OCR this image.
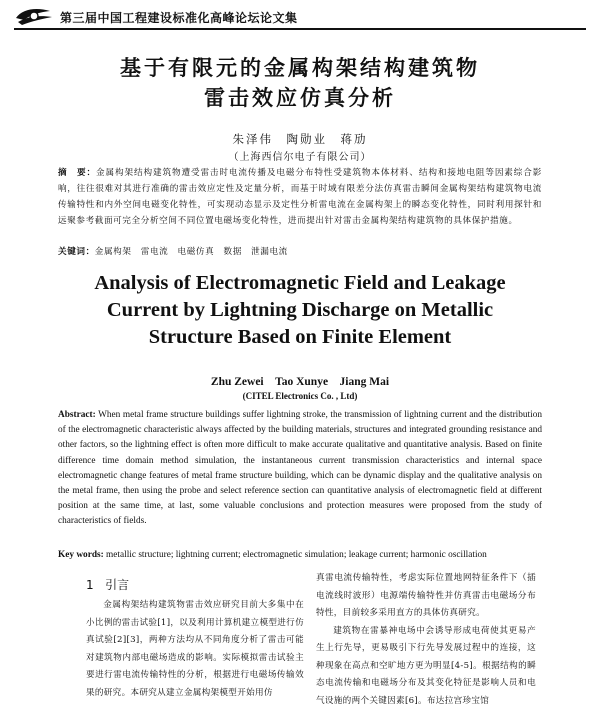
第三届中国工程建设标准化高峰论坛论文集
基于有限元的金属构架结构建筑物
雷击效应仿真分析
朱泽伟　陶勋业　蒋劢
（上海西信尔电子有限公司）
摘　要：金属构架结构建筑物遭受雷击时电流传播及电磁分布特性受建筑物本体材料、结构和接地电阻等因素综合影响，往往很难对其进行准确的雷击效应定性及定量分析，而基于时域有限差分法仿真雷击瞬间金属构架结构建筑物电流传输特性和内外空间电磁变化特性，可实现动态显示及定性分析雷电流在金属构架上的瞬态变化特性，同时利用探针和远聚参考截面可完全分析空间不同位置电磁场变化特性，进而提出针对雷击金属构架结构建筑物的具体保护措施。
关键词：金属构架　雷电流　电磁仿真　数据　泄漏电流
Analysis of Electromagnetic Field and Leakage
Current by Lightning Discharge on Metallic
Structure Based on Finite Element
Zhu Zewei　Tao Xunye　Jiang Mai
(CITEL Electronics Co. , Ltd)
Abstract: When metal frame structure buildings suffer lightning stroke, the transmission of lightning current and the distribution of the electromagnetic characteristic always affected by the building materials, structures and integrated grounding resistance and other factors, so the lightning effect is often more difficult to make accurate qualitative and quantitative analysis. Based on finite difference time domain method simulation, the instantaneous current transmission characteristics and internal space electromagnetic change features of metal frame structure building, which can be dynamic display and the qualitative analysis on the metal frame, then using the probe and select reference section can quantitative analysis of electromagnetic field at different position at the same time, at last, some valuable conclusions and protection measures were proposed from the study of characteristics of fields.
Key words: metallic structure; lightning current; electromagnetic simulation; leakage current; harmonic oscillation
1 引言

金属构架结构建筑物雷击效应研究目前大多集中在小比例的雷击试验[1]，以及利用计算机建立模型进行仿真试验[2][3]，两种方法均从不同角度分析了雷击可能对建筑物内部电磁场造成的影响。实际模拟雷击试验主要进行雷电流传输特性的分析，根据进行电磁场传输效果的研究。本研究从建立金属构架模型开始用仿

真雷电流传输特性，考虑实际位置地网特征条件下（插电流线时波形）电源端传输特性并仿真雷击电磁场分布特性，目前较多采用直方的具体仿真研究。

建筑物在雷暴神电场中会诱导形成电荷使其更易产生上行先导，更易吸引下行先导发展过程中的连接，这种现象在高点和空旷地方更为明显[4-5]。根据结构的瞬态电流传输和电磁场分布及其变化特征是影响人员和电气设施的两个关键因素[6]。布达拉宫珍宝馆
